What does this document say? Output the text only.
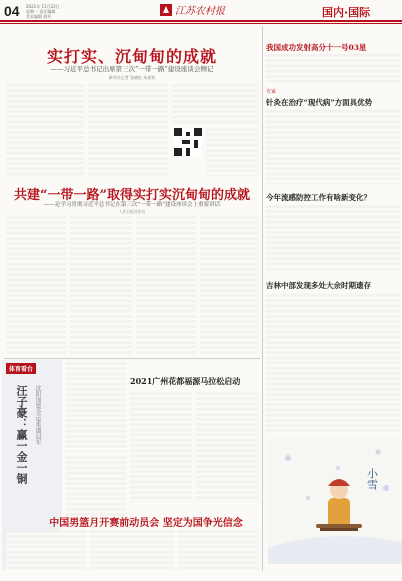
04 2021年 11月22日
星期一 责任编辑
美术编辑 校对	江苏农村报	国内·国际
实打实、沉甸甸的成就
——习近平总书记出席第三次“一带一路”建设座谈会侧记
新华社记者 张晓松 朱基钗
共建“一带一路”取得实打实沉甸甸的成就
——论学习贯彻习近平总书记在第三次“一带一路”建设座谈会上重要讲话
人民日报评论员
我国成功发射高分十一号03星
专家
针灸在治疗“现代病”方面具优势
今年流感防控工作有啥新变化？
吉林中部发现多处大余时期遗存
小雪
体育看台
汪子豪：赢一金一铜	沈阳加冕全运柔道冠军
2021广州花都福源马拉松启动
中国男篮月开赛前动员会 坚定为国争光信念
